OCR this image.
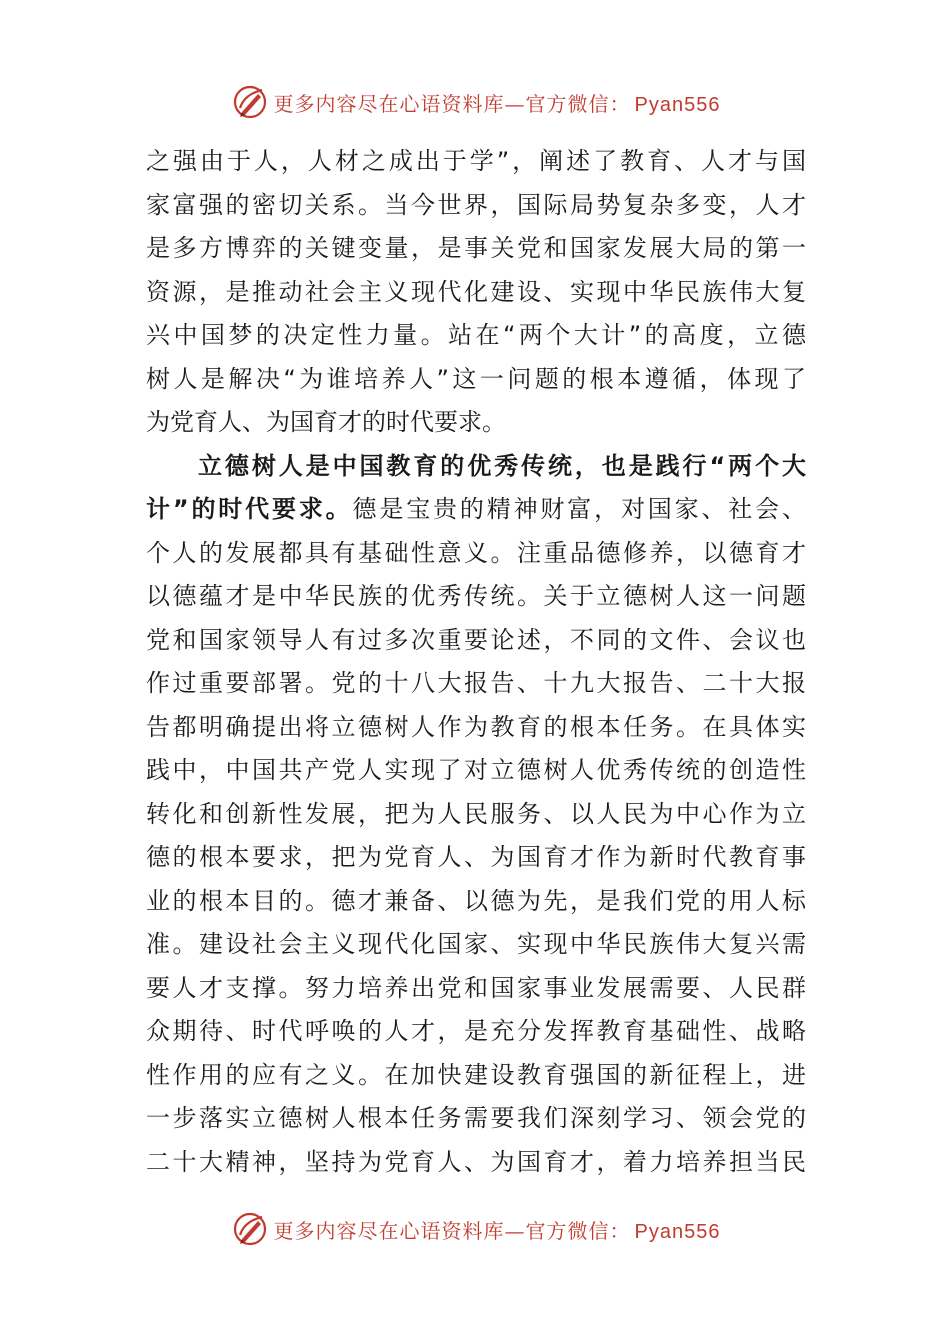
更多内容尽在心语资料库—官方微信： Pyan556
之强由于人，人材之成出于学”，阐述了教育、人才与国
家富强的密切关系。当今世界，国际局势复杂多变，人才
是多方博弈的关键变量，是事关党和国家发展大局的第一
资源，是推动社会主义现代化建设、实现中华民族伟大复
兴中国梦的决定性力量。站在“两个大计”的高度，立德
树人是解决“为谁培养人”这一问题的根本遵循，体现了
为党育人、为国育才的时代要求。
立德树人是中国教育的优秀传统，也是践行“两个大
计”的时代要求。德是宝贵的精神财富，对国家、社会、
个人的发展都具有基础性意义。注重品德修养，以德育才
以德蕴才是中华民族的优秀传统。关于立德树人这一问题
党和国家领导人有过多次重要论述，不同的文件、会议也
作过重要部署。党的十八大报告、十九大报告、二十大报
告都明确提出将立德树人作为教育的根本任务。在具体实
践中，中国共产党人实现了对立德树人优秀传统的创造性
转化和创新性发展，把为人民服务、以人民为中心作为立
德的根本要求，把为党育人、为国育才作为新时代教育事
业的根本目的。德才兼备、以德为先，是我们党的用人标
准。建设社会主义现代化国家、实现中华民族伟大复兴需
要人才支撑。努力培养出党和国家事业发展需要、人民群
众期待、时代呼唤的人才，是充分发挥教育基础性、战略
性作用的应有之义。在加快建设教育强国的新征程上，进
一步落实立德树人根本任务需要我们深刻学习、领会党的
二十大精神，坚持为党育人、为国育才，着力培养担当民
更多内容尽在心语资料库—官方微信： Pyan556
